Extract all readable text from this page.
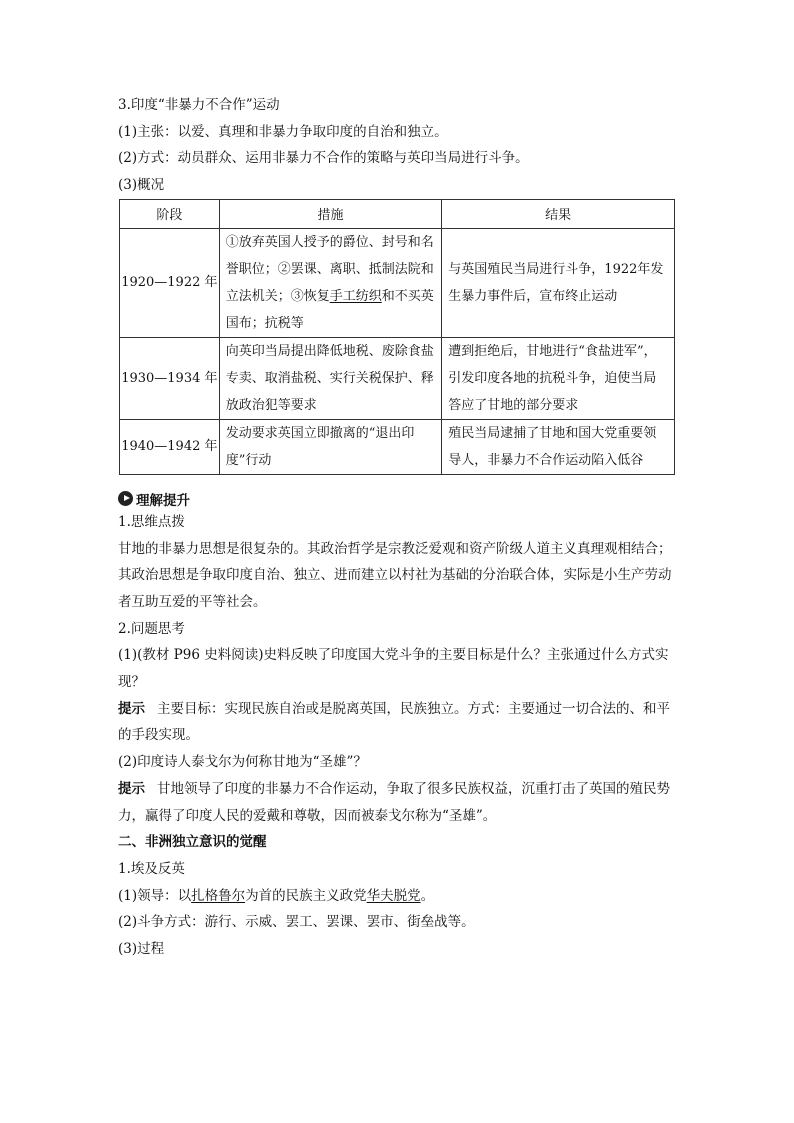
3.印度“非暴力不合作”运动
(1)主张：以爱、真理和非暴力争取印度的自治和独立。
(2)方式：动员群众、运用非暴力不合作的策略与英印当局进行斗争。
(3)概况
阶段	措施	结果
1920—1922 年	①放弃英国人授予的爵位、封号和名誉职位；②罢课、离职、抵制法院和立法机关；③恢复手工纺织和不买英国布；抗税等	与英国殖民当局进行斗争，1922年发生暴力事件后，宣布终止运动
1930—1934 年	向英印当局提出降低地税、废除食盐专卖、取消盐税、实行关税保护、释放政治犯等要求	遭到拒绝后，甘地进行“食盐进军”，引发印度各地的抗税斗争，迫使当局答应了甘地的部分要求
1940—1942 年	发动要求英国立即撤离的“退出印度”行动	殖民当局逮捕了甘地和国大党重要领导人，非暴力不合作运动陷入低谷
理解提升
1.思维点拨
甘地的非暴力思想是很复杂的。其政治哲学是宗教泛爱观和资产阶级人道主义真理观相结合；其政治思想是争取印度自治、独立、进而建立以村社为基础的分治联合体，实际是小生产劳动者互助互爱的平等社会。
2.问题思考
(1)(教材 P96 史料阅读)史料反映了印度国大党斗争的主要目标是什么？主张通过什么方式实现？
提示 主要目标：实现民族自治或是脱离英国，民族独立。方式：主要通过一切合法的、和平的手段实现。
(2)印度诗人泰戈尔为何称甘地为“圣雄”？
提示 甘地领导了印度的非暴力不合作运动，争取了很多民族权益，沉重打击了英国的殖民势力，赢得了印度人民的爱戴和尊敬，因而被泰戈尔称为“圣雄”。
二、非洲独立意识的觉醒
1.埃及反英
(1)领导：以扎格鲁尔为首的民族主义政党华夫脱党。
(2)斗争方式：游行、示威、罢工、罢课、罢市、街垒战等。
(3)过程
